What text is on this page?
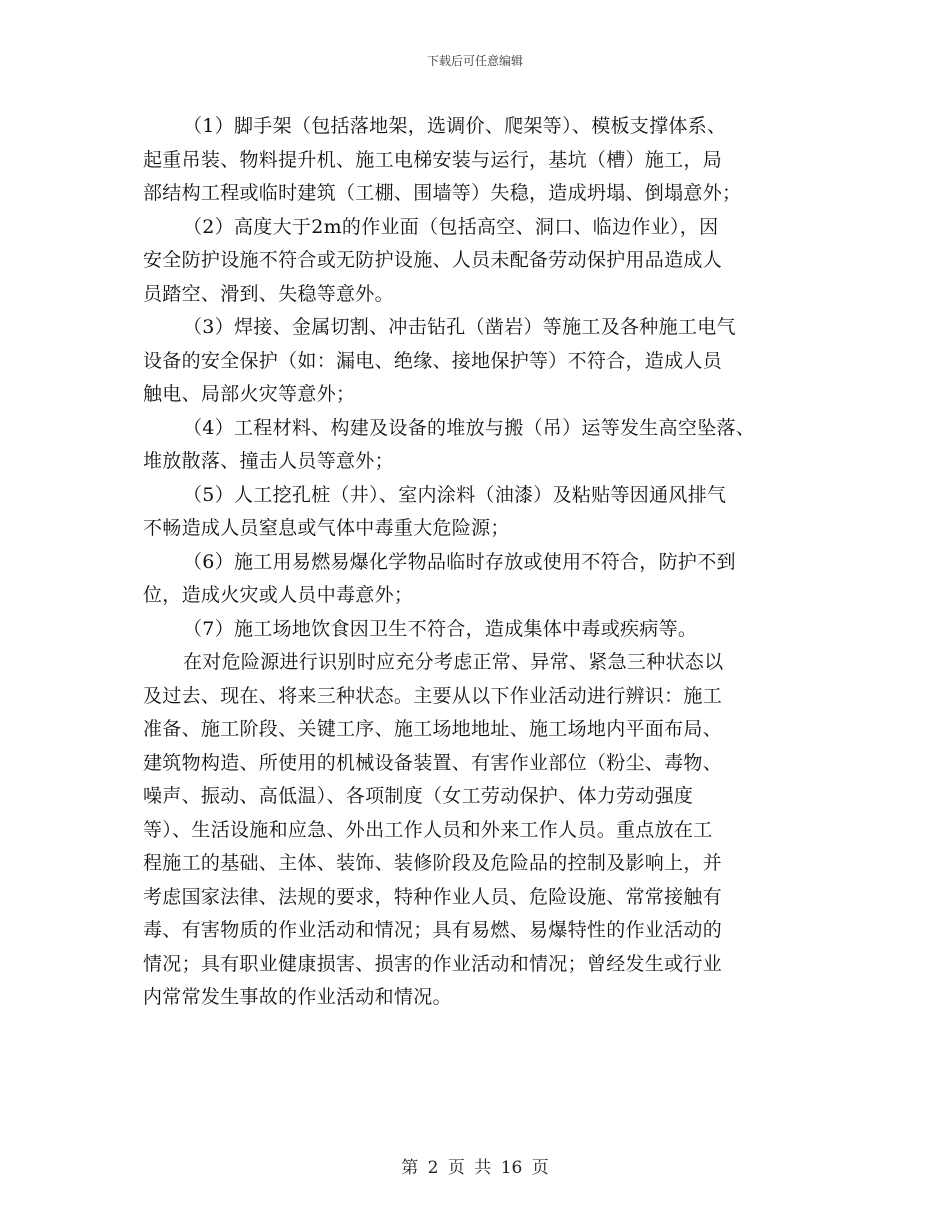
下载后可任意编辑
（1）脚手架（包括落地架，选调价、爬架等）、模板支撑体系、
起重吊装、物料提升机、施工电梯安装与运行，基坑（槽）施工，局
部结构工程或临时建筑（工棚、围墙等）失稳，造成坍塌、倒塌意外；
（2）高度大于2m的作业面（包括高空、洞口、临边作业），因
安全防护设施不符合或无防护设施、人员未配备劳动保护用品造成人
员踏空、滑到、失稳等意外。
（3）焊接、金属切割、冲击钻孔（凿岩）等施工及各种施工电气
设备的安全保护（如：漏电、绝缘、接地保护等）不符合，造成人员
触电、局部火灾等意外；
（4）工程材料、构建及设备的堆放与搬（吊）运等发生高空坠落、
堆放散落、撞击人员等意外；
（5）人工挖孔桩（井）、室内涂料（油漆）及粘贴等因通风排气
不畅造成人员窒息或气体中毒重大危险源；
（6）施工用易燃易爆化学物品临时存放或使用不符合，防护不到
位，造成火灾或人员中毒意外；
（7）施工场地饮食因卫生不符合，造成集体中毒或疾病等。
在对危险源进行识别时应充分考虑正常、异常、紧急三种状态以
及过去、现在、将来三种状态。主要从以下作业活动进行辨识：施工
准备、施工阶段、关键工序、施工场地地址、施工场地内平面布局、
建筑物构造、所使用的机械设备装置、有害作业部位（粉尘、毒物、
噪声、振动、高低温）、各项制度（女工劳动保护、体力劳动强度
等）、生活设施和应急、外出工作人员和外来工作人员。重点放在工
程施工的基础、主体、装饰、装修阶段及危险品的控制及影响上，并
考虑国家法律、法规的要求，特种作业人员、危险设施、常常接触有
毒、有害物质的作业活动和情况；具有易燃、易爆特性的作业活动的
情况；具有职业健康损害、损害的作业活动和情况；曾经发生或行业
内常常发生事故的作业活动和情况。
第 2 页 共 16 页
